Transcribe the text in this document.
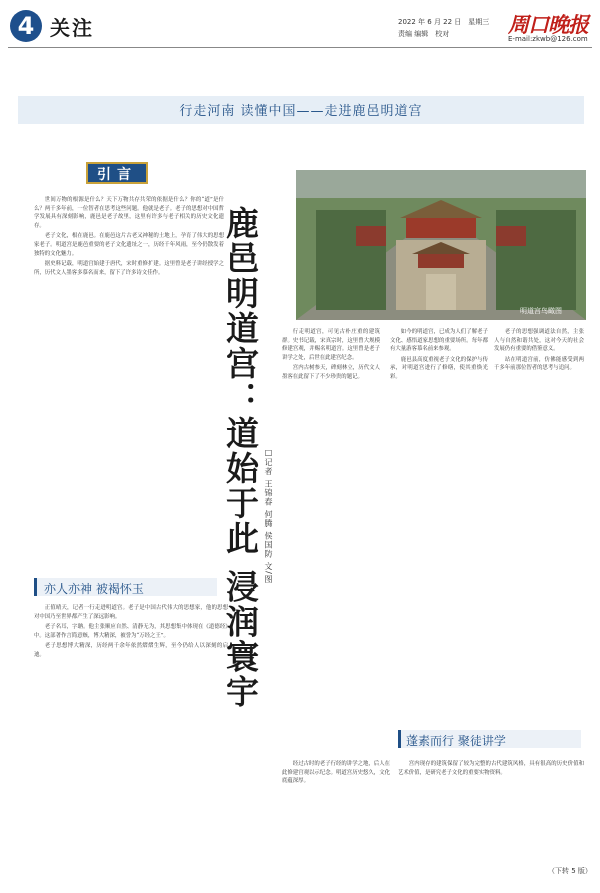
4 关注	2022 年 6 月 22 日　星期三
责编 编辑　校对	周口晚报
E-mail:zkwb@126.com
行走河南 读懂中国——走进鹿邑明道宫
引言

世间万物的根源是什么？天下万物共存共荣的依据是什么？你的“道”是什么？两千多年前，一位智者在思考这些问题。他就是老子。老子的思想对中国哲学发展具有深刻影响，鹿邑是老子故里，这里有许多与老子相关的历史文化遗存。

老子文化，根在鹿邑。在鹿邑这片古老又神秘的土地上，孕育了伟大的思想家老子。明道宫是鹿邑重要的老子文化遗址之一，历经千年风雨，至今仍散发着独特的文化魅力。

据史料记载，明道宫始建于唐代，宋时重修扩建。这里曾是老子讲经授学之所，历代文人墨客多慕名而来，留下了许多诗文佳作。	鹿邑明道宫：道始于此 浸润寰宇 □记者 王锦春 何腾 侯国防 文/图
明道宫鸟瞰图
亦人亦神 被褐怀玉

正值晴天，记者一行走进明道宫。老子是中国古代伟大的思想家，他的思想对中国乃至世界都产生了深远影响。

老子名耳，字聃。他主张顺应自然、清静无为，其思想集中体现在《道德经》中。这部著作言简意赅，博大精深，被誉为“万经之王”。

老子思想博大精深，历经两千余年依然熠熠生辉，至今仍给人以深刻的启迪。

行走明道宫，可见古朴庄重的建筑群。史书记载，宋真宗时，这里曾大规模修建宫观，并赐名明道宫。这里曾是老子讲学之处，后世在此建宫纪念。

宫内古树参天，碑刻林立，历代文人墨客在此留下了不少珍贵的题记。

如今的明道宫，已成为人们了解老子文化、感悟道家思想的重要场所。每年都有大量游客慕名前来参观。

鹿邑县高度重视老子文化的保护与传承，对明道宫进行了修缮，使其重焕光彩。

老子的思想强调道法自然，主张人与自然和谐共处，这对今天的社会发展仍有重要的借鉴意义。

站在明道宫前，仿佛能感受到两千多年前那位智者的思考与追问。

蓬素而行 聚徒讲学

经过古时的老子行经的讲学之地，后人在此修建宫观以示纪念。明道宫历史悠久，文化底蕴深厚。

宫内现存的建筑保留了较为完整的古代建筑风格，具有很高的历史价值和艺术价值，是研究老子文化的重要实物资料。

（下转 5 版）
